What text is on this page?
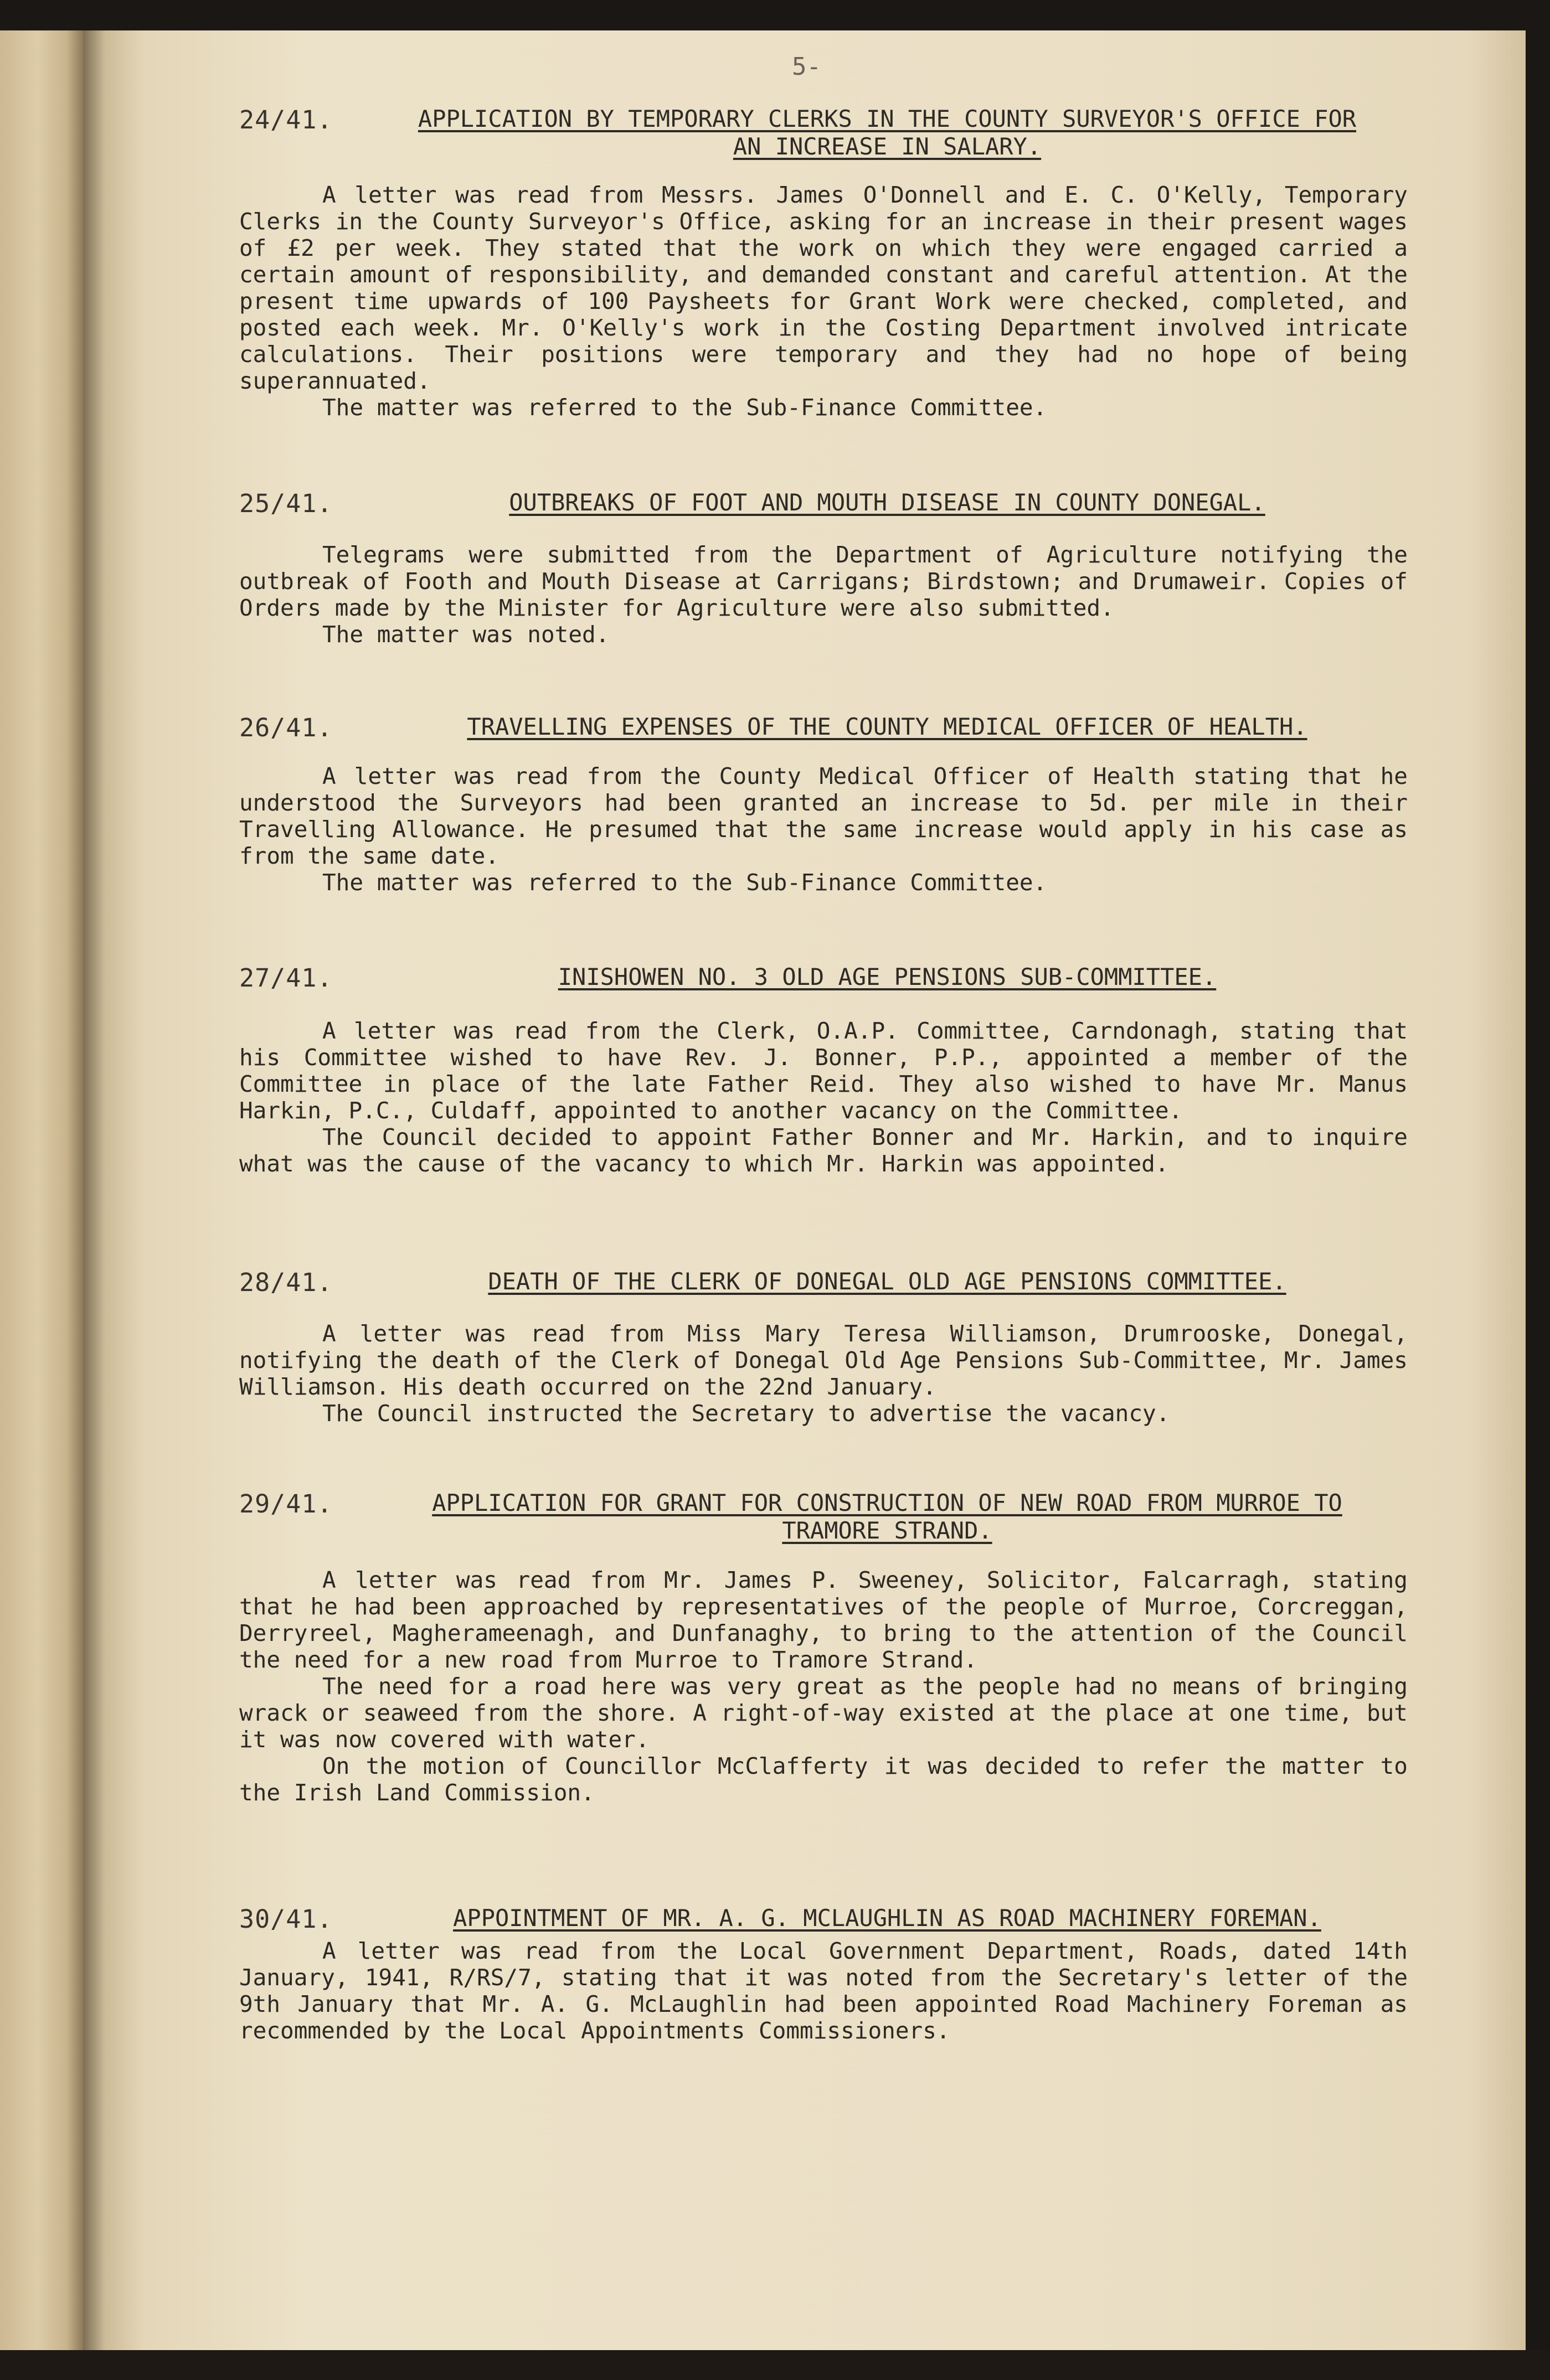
5-
24/41.	APPLICATION BY TEMPORARY CLERKS IN THE COUNTY SURVEYOR'S OFFICE FOR AN INCREASE IN SALARY.

A letter was read from Messrs. James O'Donnell and E. C. O'Kelly, Temporary Clerks in the County Surveyor's Office, asking for an increase in their present wages of £2 per week. They stated that the work on which they were engaged carried a certain amount of responsibility, and demanded constant and careful attention. At the present time upwards of 100 Paysheets for Grant Work were checked, completed, and posted each week. Mr. O'Kelly's work in the Costing Department involved intricate calculations. Their positions were temporary and they had no hope of being superannuated.

The matter was referred to the Sub-Finance Committee.

25/41.	OUTBREAKS OF FOOT AND MOUTH DISEASE IN COUNTY DONEGAL.

Telegrams were submitted from the Department of Agriculture notifying the outbreak of Footh and Mouth Disease at Carrigans; Birdstown; and Drumaweir. Copies of Orders made by the Minister for Agriculture were also submitted.

The matter was noted.

26/41.	TRAVELLING EXPENSES OF THE COUNTY MEDICAL OFFICER OF HEALTH.

A letter was read from the County Medical Officer of Health stating that he understood the Surveyors had been granted an increase to 5d. per mile in their Travelling Allowance. He presumed that the same increase would apply in his case as from the same date.

The matter was referred to the Sub-Finance Committee.

27/41.	INISHOWEN NO. 3 OLD AGE PENSIONS SUB-COMMITTEE.

A letter was read from the Clerk, O.A.P. Committee, Carndonagh, stating that his Committee wished to have Rev. J. Bonner, P.P., appointed a member of the Committee in place of the late Father Reid. They also wished to have Mr. Manus Harkin, P.C., Culdaff, appointed to another vacancy on the Committee.

The Council decided to appoint Father Bonner and Mr. Harkin, and to inquire what was the cause of the vacancy to which Mr. Harkin was appointed.

28/41.	DEATH OF THE CLERK OF DONEGAL OLD AGE PENSIONS COMMITTEE.

A letter was read from Miss Mary Teresa Williamson, Drumrooske, Donegal, notifying the death of the Clerk of Donegal Old Age Pensions Sub-Committee, Mr. James Williamson. His death occurred on the 22nd January.

The Council instructed the Secretary to advertise the vacancy.

29/41.	APPLICATION FOR GRANT FOR CONSTRUCTION OF NEW ROAD FROM MURROE TO TRAMORE STRAND.

A letter was read from Mr. James P. Sweeney, Solicitor, Falcarragh, stating that he had been approached by representatives of the people of Murroe, Corcreggan, Derryreel, Magherameenagh, and Dunfanaghy, to bring to the attention of the Council the need for a new road from Murroe to Tramore Strand.

The need for a road here was very great as the people had no means of bringing wrack or seaweed from the shore. A right-of-way existed at the place at one time, but it was now covered with water.

On the motion of Councillor McClafferty it was decided to refer the matter to the Irish Land Commission.

30/41.	APPOINTMENT OF MR. A. G. MCLAUGHLIN AS ROAD MACHINERY FOREMAN.

A letter was read from the Local Government Department, Roads, dated 14th January, 1941, R/RS/7, stating that it was noted from the Secretary's letter of the 9th January that Mr. A. G. McLaughlin had been appointed Road Machinery Foreman as recommended by the Local Appointments Commissioners.
